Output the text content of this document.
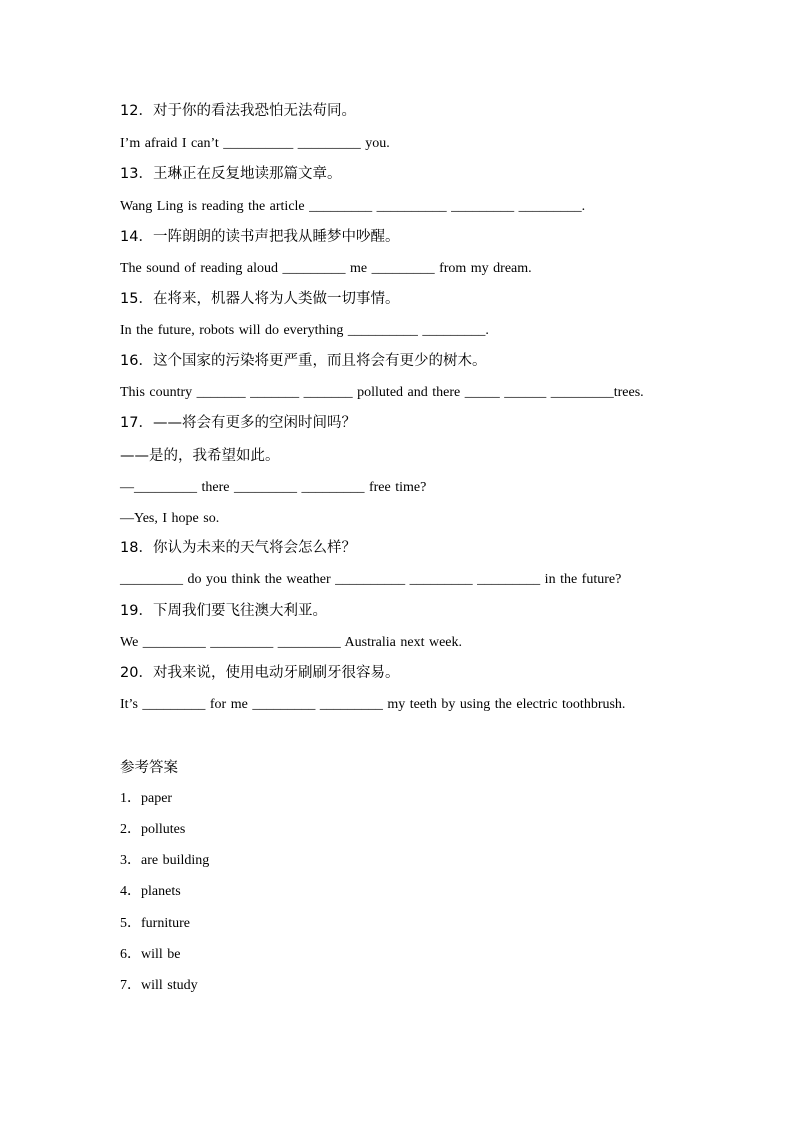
12．对于你的看法我恐怕无法苟同。
I’m afraid I can’t __________ _________ you.
13．王琳正在反复地读那篇文章。
Wang Ling is reading the article _________ __________ _________ _________.
14．一阵朗朗的读书声把我从睡梦中吵醒。
The sound of reading aloud _________ me _________ from my dream.
15．在将来，机器人将为人类做一切事情。
In the future, robots will do everything __________ _________.
16．这个国家的污染将更严重，而且将会有更少的树木。
This country _______ _______ _______ polluted and there _____ ______ _________trees.
17．——将会有更多的空闲时间吗？
——是的，我希望如此。
—_________ there _________ _________ free time?
—Yes, I hope so.
18．你认为未来的天气将会怎么样？
_________ do you think the weather __________ _________ _________ in the future?
19．下周我们要飞往澳大利亚。
We _________ _________ _________ Australia next week.
20．对我来说，使用电动牙刷刷牙很容易。
It’s _________ for me _________ _________ my teeth by using the electric toothbrush.
参考答案
1．paper
2．pollutes
3．are building
4．planets
5．furniture
6．will be
7．will study
